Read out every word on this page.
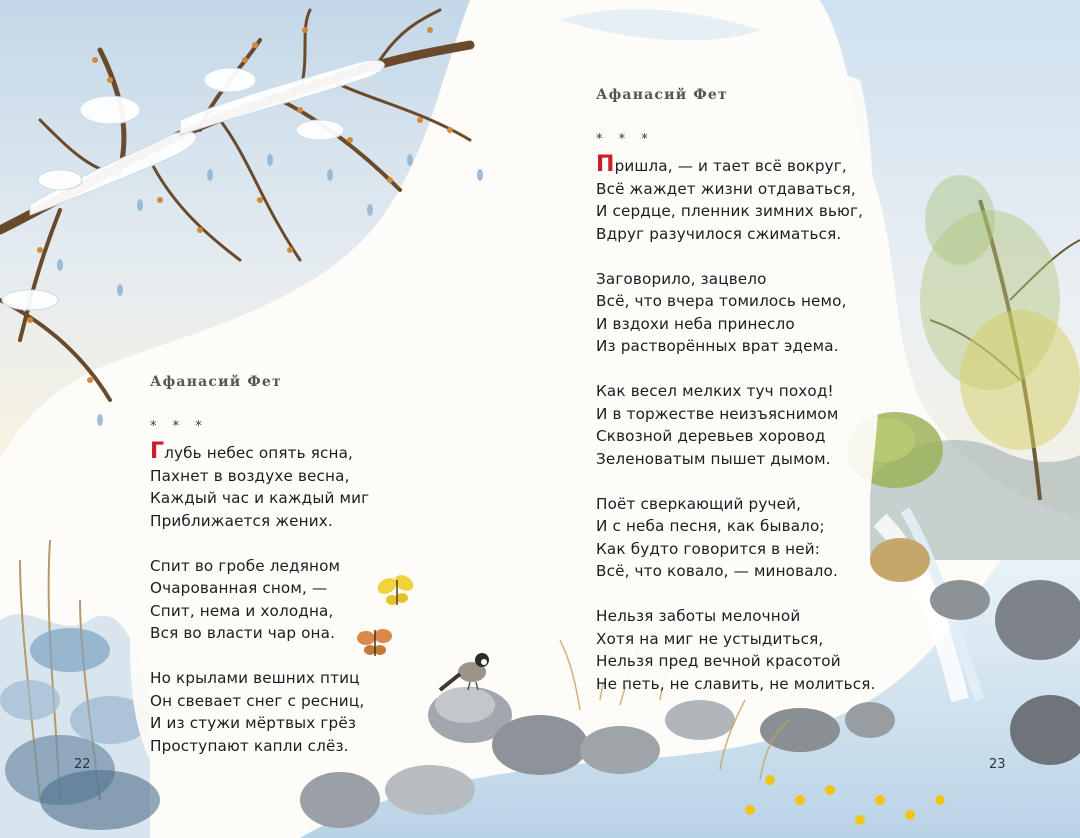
Афанасий Фет
* * *
Глубь небес опять ясна,
Пахнет в воздухе весна,
Каждый час и каждый миг
Приближается жених.
Спит во гробе ледяном
Очарованная сном, —
Спит, нема и холодна,
Вся во власти чар она.
Но крылами вешних птиц
Он свевает снег с ресниц,
И из стужи мёртвых грёз
Проступают капли слёз.
Афанасий Фет
* * *
Пришла, — и тает всё вокруг,
Всё жаждет жизни отдаваться,
И сердце, пленник зимних вьюг,
Вдруг разучилося сжиматься.
Заговорило, зацвело
Всё, что вчера томилось немо,
И вздохи неба принесло
Из растворённых врат эдема.
Как весел мелких туч поход!
И в торжестве неизъяснимом
Сквозной деревьев хоровод
Зеленоватым пышет дымом.
Поёт сверкающий ручей,
И с неба песня, как бывало;
Как будто говорится в ней:
Всё, что ковало, — миновало.
Нельзя заботы мелочной
Хотя на миг не устыдиться,
Нельзя пред вечной красотой
Не петь, не славить, не молиться.
22	23
